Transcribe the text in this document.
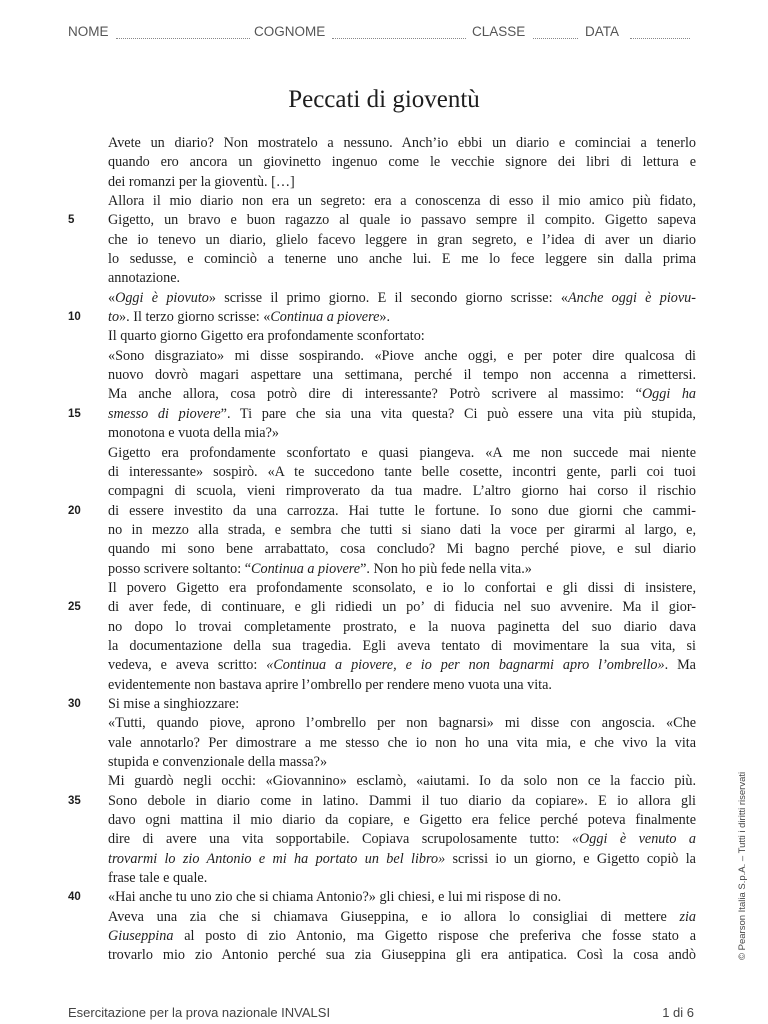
NOME	COGNOME	CLASSE	DATA
Peccati di gioventù
Avete un diario? Non mostratelo a nessuno. Anch’io ebbi un diario e cominciai a tenerlo
quando ero ancora un giovinetto ingenuo come le vecchie signore dei libri di lettura e
dei romanzi per la gioventù. […]
Allora il mio diario non era un segreto: era a conoscenza di esso il mio amico più fidato,
5	Gigetto, un bravo e buon ragazzo al quale io passavo sempre il compito. Gigetto sapeva
che io tenevo un diario, glielo facevo leggere in gran segreto, e l’idea di aver un diario
lo sedusse, e cominciò a tenerne uno anche lui. E me lo fece leggere sin dalla prima
annotazione.
«Oggi è piovuto» scrisse il primo giorno. E il secondo giorno scrisse: «Anche oggi è piovu-
10	to». Il terzo giorno scrisse: «Continua a piovere».
Il quarto giorno Gigetto era profondamente sconfortato:
«Sono disgraziato» mi disse sospirando. «Piove anche oggi, e per poter dire qualcosa di
nuovo dovrò magari aspettare una settimana, perché il tempo non accenna a rimettersi.
Ma anche allora, cosa potrò dire di interessante? Potrò scrivere al massimo: “Oggi ha
15	smesso di piovere”. Ti pare che sia una vita questa? Ci può essere una vita più stupida,
monotona e vuota della mia?»
Gigetto era profondamente sconfortato e quasi piangeva. «A me non succede mai niente
di interessante» sospirò. «A te succedono tante belle cosette, incontri gente, parli coi tuoi
compagni di scuola, vieni rimproverato da tua madre. L’altro giorno hai corso il rischio
20	di essere investito da una carrozza. Hai tutte le fortune. Io sono due giorni che cammi-
no in mezzo alla strada, e sembra che tutti si siano dati la voce per girarmi al largo, e,
quando mi sono bene arrabattato, cosa concludo? Mi bagno perché piove, e sul diario
posso scrivere soltanto: “Continua a piovere”. Non ho più fede nella vita.»
Il povero Gigetto era profondamente sconsolato, e io lo confortai e gli dissi di insistere,
25	di aver fede, di continuare, e gli ridiedi un po’ di fiducia nel suo avvenire. Ma il gior-
no dopo lo trovai completamente prostrato, e la nuova paginetta del suo diario dava
la documentazione della sua tragedia. Egli aveva tentato di movimentare la sua vita, si
vedeva, e aveva scritto: «Continua a piovere, e io per non bagnarmi apro l’ombrello». Ma
evidentemente non bastava aprire l’ombrello per rendere meno vuota una vita.
30	Si mise a singhiozzare:
«Tutti, quando piove, aprono l’ombrello per non bagnarsi» mi disse con angoscia. «Che
vale annotarlo? Per dimostrare a me stesso che io non ho una vita mia, e che vivo la vita
stupida e convenzionale della massa?»
Mi guardò negli occhi: «Giovannino» esclamò, «aiutami. Io da solo non ce la faccio più.
35	Sono debole in diario come in latino. Dammi il tuo diario da copiare». E io allora gli
davo ogni mattina il mio diario da copiare, e Gigetto era felice perché poteva finalmente
dire di avere una vita sopportabile. Copiava scrupolosamente tutto: «Oggi è venuto a
trovarmi lo zio Antonio e mi ha portato un bel libro» scrissi io un giorno, e Gigetto copiò la
frase tale e quale.
40	«Hai anche tu uno zio che si chiama Antonio?» gli chiesi, e lui mi rispose di no.
Aveva una zia che si chiamava Giuseppina, e io allora lo consigliai di mettere zia
Giuseppina al posto di zio Antonio, ma Gigetto rispose che preferiva che fosse stato a
trovarlo mio zio Antonio perché sua zia Giuseppina gli era antipatica. Così la cosa andò	© Pearson Italia S.p.A. – Tutti i diritti riservati
Esercitazione per la prova nazionale INVALSI	1 di 6
